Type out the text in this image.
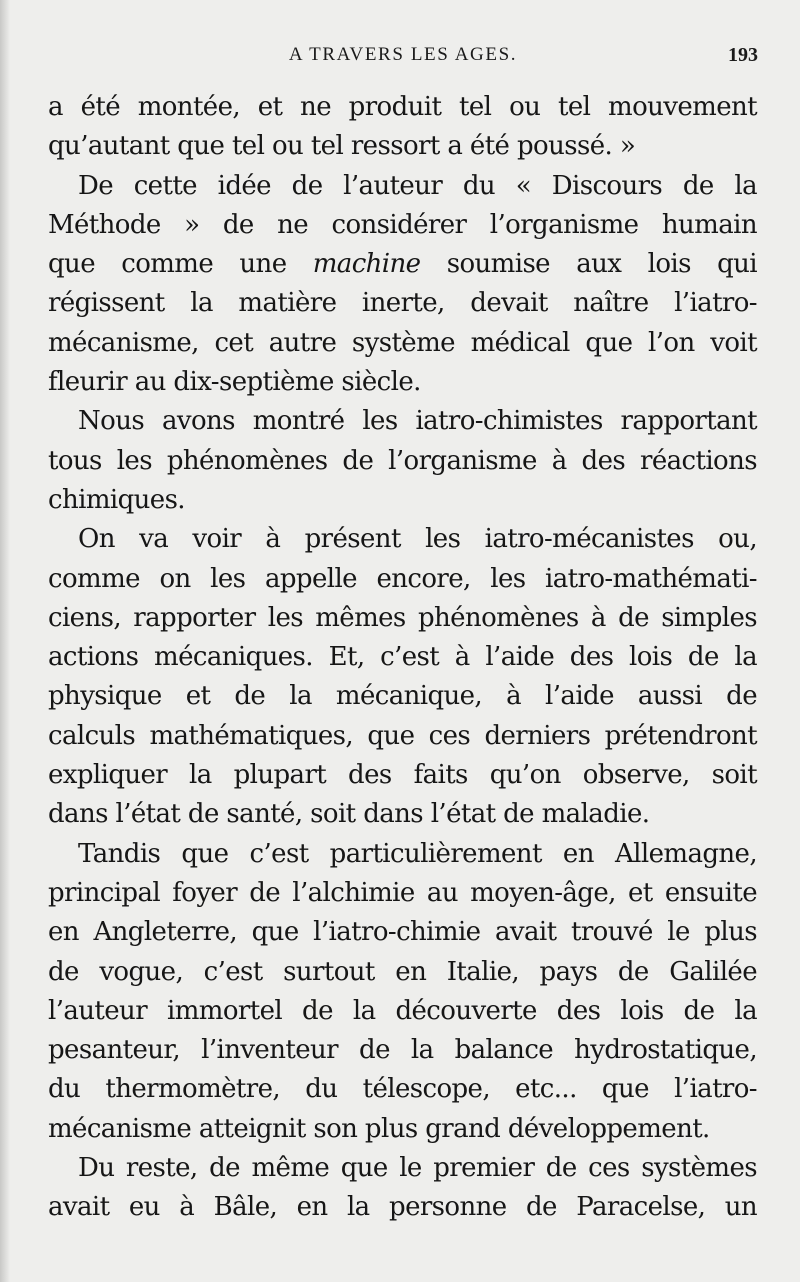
A TRAVERS LES AGES.	193
a été montée, et ne produit tel ou tel mouvement
qu’autant que tel ou tel ressort a été poussé. »
De cette idée de l’auteur du « Discours de la
Méthode » de ne considérer l’organisme humain
que comme une machine soumise aux lois qui
régissent la matière inerte, devait naître l’iatro-
mécanisme, cet autre système médical que l’on voit
fleurir au dix-septième siècle.
Nous avons montré les iatro-chimistes rapportant
tous les phénomènes de l’organisme à des réactions
chimiques.
On va voir à présent les iatro-mécanistes ou,
comme on les appelle encore, les iatro-mathémati-
ciens, rapporter les mêmes phénomènes à de simples
actions mécaniques. Et, c’est à l’aide des lois de la
physique et de la mécanique, à l’aide aussi de
calculs mathématiques, que ces derniers prétendront
expliquer la plupart des faits qu’on observe, soit
dans l’état de santé, soit dans l’état de maladie.
Tandis que c’est particulièrement en Allemagne,
principal foyer de l’alchimie au moyen-âge, et ensuite
en Angleterre, que l’iatro-chimie avait trouvé le plus
de vogue, c’est surtout en Italie, pays de Galilée
l’auteur immortel de la découverte des lois de la
pesanteur, l’inventeur de la balance hydrostatique,
du thermomètre, du télescope, etc... que l’iatro-
mécanisme atteignit son plus grand développement.
Du reste, de même que le premier de ces systèmes
avait eu à Bâle, en la personne de Paracelse, un
